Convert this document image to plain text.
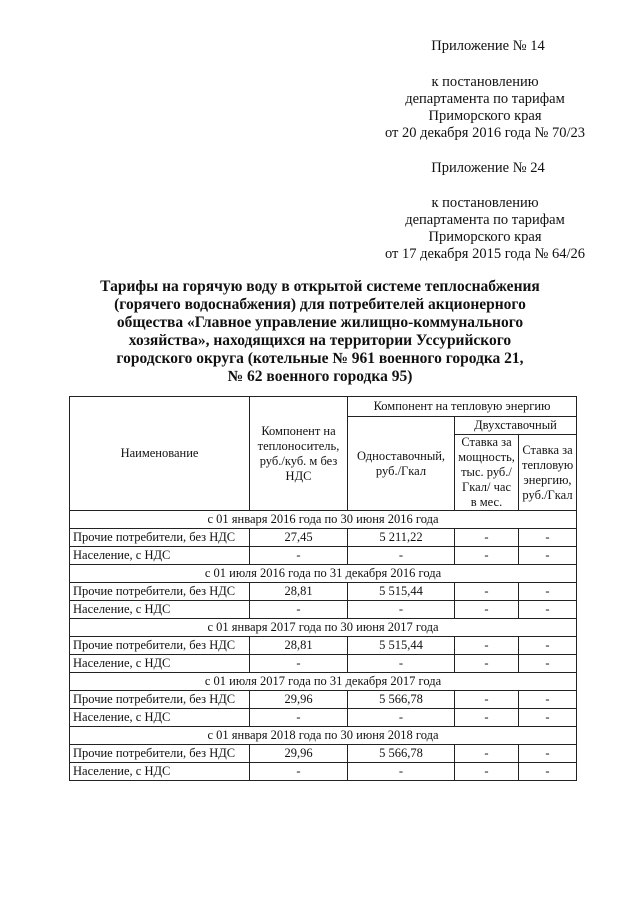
Приложение № 14
к постановлению
департамента по тарифам
Приморского края
от 20 декабря 2016 года № 70/23
Приложение № 24
к постановлению
департамента по тарифам
Приморского края
от 17 декабря 2015 года № 64/26
Тарифы на горячую воду в открытой системе теплоснабжения
(горячего водоснабжения) для потребителей акционерного
общества «Главное управление жилищно-коммунального
хозяйства», находящихся на территории Уссурийского
городского округа (котельные № 961 военного городка 21,
№ 62 военного городка 95)
Наименование	Компонент на теплоноситель, руб./куб. м без НДС	Компонент на тепловую энергию		
		Одноставочный, руб./Гкал	Двухставочный	
			Ставка за мощность, тыс. руб./Гкал/ час в мес.	Ставка за тепловую энергию, руб./Гкал
с 01 января 2016 года по 30 июня 2016 года				
Прочие потребители, без НДС	27,45	5 211,22	-	-
Население, с НДС	-	-	-	-
с 01 июля 2016 года по 31 декабря 2016 года				
Прочие потребители, без НДС	28,81	5 515,44	-	-
Население, с НДС	-	-	-	-
с 01 января 2017 года по 30 июня 2017 года				
Прочие потребители, без НДС	28,81	5 515,44	-	-
Население, с НДС	-	-	-	-
с 01 июля 2017 года по 31 декабря 2017 года				
Прочие потребители, без НДС	29,96	5 566,78	-	-
Население, с НДС	-	-	-	-
с 01 января 2018 года по 30 июня 2018 года				
Прочие потребители, без НДС	29,96	5 566,78	-	-
Население, с НДС	-	-	-	-
